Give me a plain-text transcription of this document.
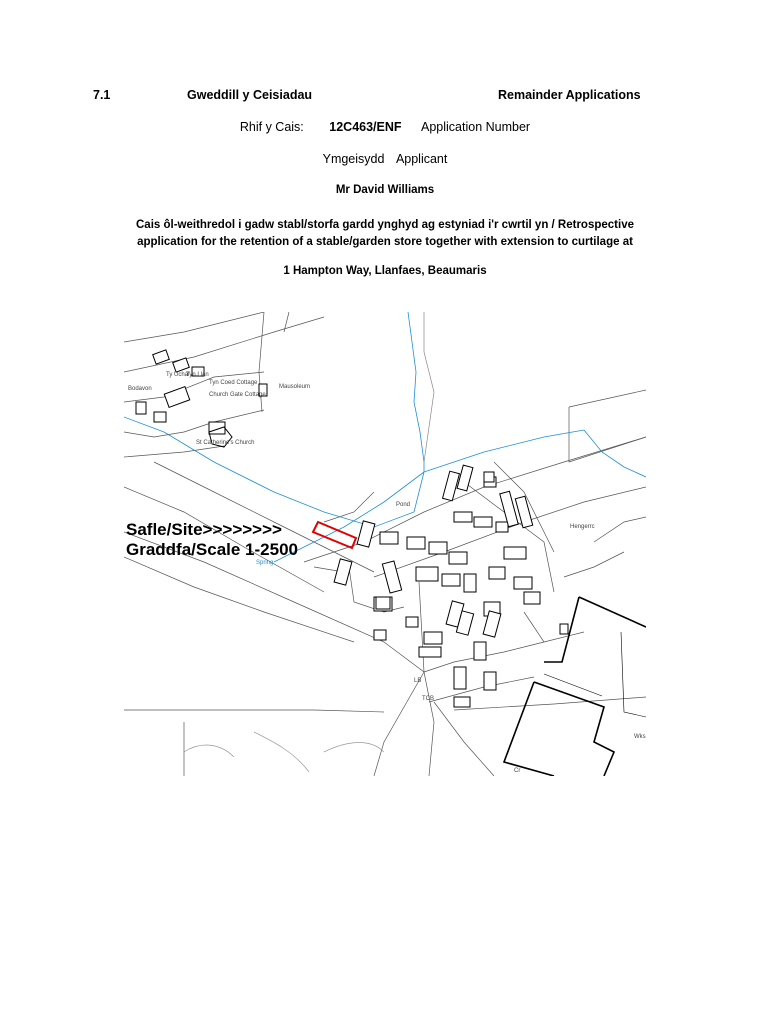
7.1	Gweddill y Ceisiadau	Remainder Applications
Rhif y Cais: 12C463/ENF Application Number
Ymgeisydd Applicant
Mr David Williams
Cais ôl-weithredol i gadw stabl/storfa gardd ynghyd ag estyniad i'r cwrtil yn / Retrospective
application for the retention of a stable/garden store together with extension to curtilage at
1 Hampton Way, Llanfaes, Beaumaris
Ty Uchaf
Tyn Llan
Bodavon
Tyn Coed Cottage
Church Gate Cottage
Mausoleum
St Catherine's Church
Pond
Spring
Hengerrc
LB
TCB
Wks
Cr
Safle/Site>>>>>>>>
Graddfa/Scale 1-2500
